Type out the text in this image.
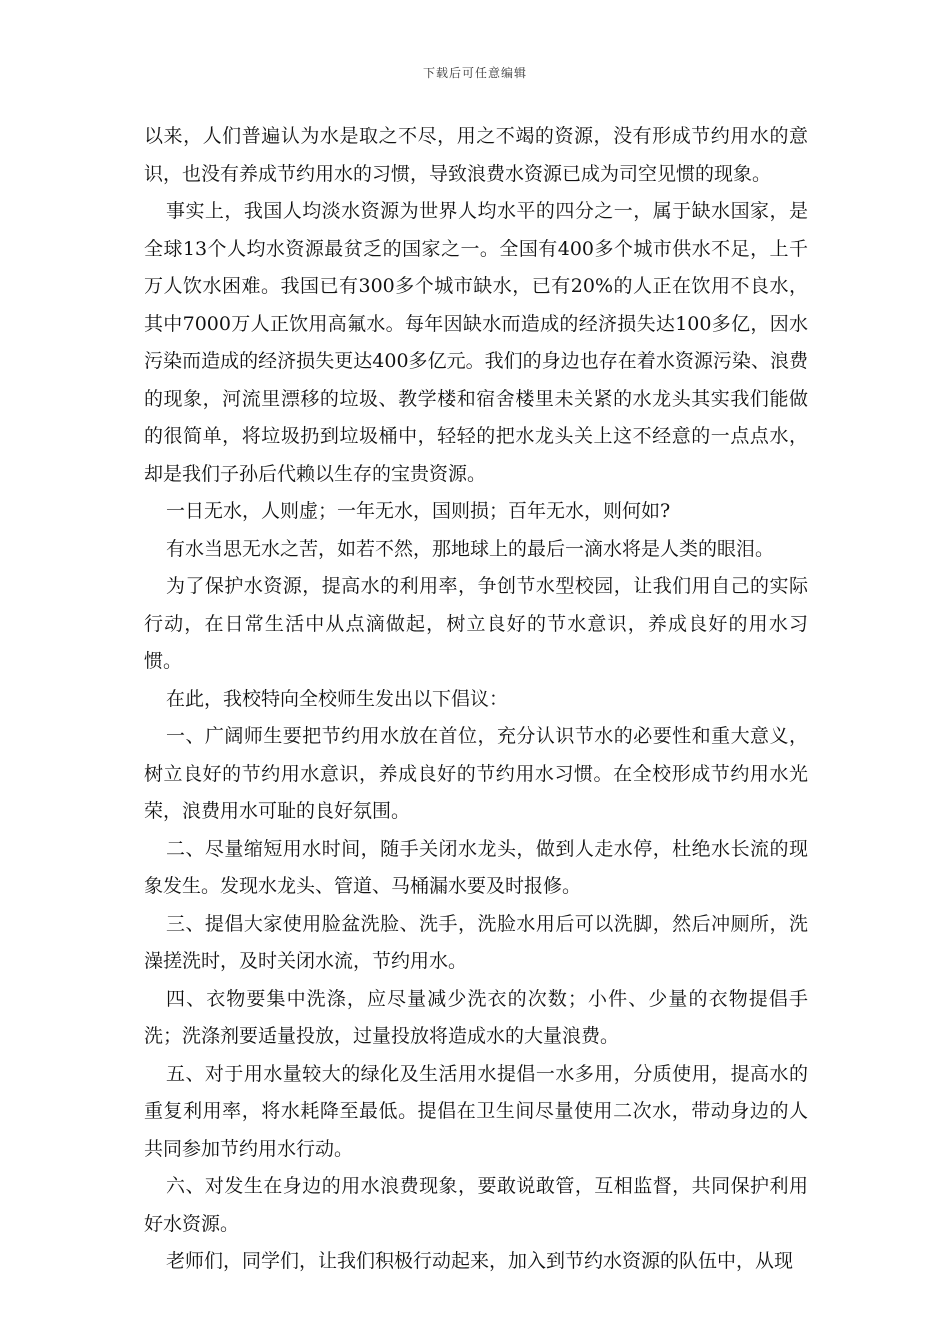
下载后可任意编辑

以来，人们普遍认为水是取之不尽，用之不竭的资源，没有形成节约用水的意识，也没有养成节约用水的习惯，导致浪费水资源已成为司空见惯的现象。

事实上，我国人均淡水资源为世界人均水平的四分之一，属于缺水国家，是全球13个人均水资源最贫乏的国家之一。全国有400多个城市供水不足，上千万人饮水困难。我国已有300多个城市缺水，已有20%的人正在饮用不良水，其中7000万人正饮用高氟水。每年因缺水而造成的经济损失达100多亿，因水污染而造成的经济损失更达400多亿元。我们的身边也存在着水资源污染、浪费的现象，河流里漂移的垃圾、教学楼和宿舍楼里未关紧的水龙头其实我们能做的很简单，将垃圾扔到垃圾桶中，轻轻的把水龙头关上这不经意的一点点水，却是我们子孙后代赖以生存的宝贵资源。

一日无水，人则虚；一年无水，国则损；百年无水，则何如?

有水当思无水之苦，如若不然，那地球上的最后一滴水将是人类的眼泪。

为了保护水资源，提高水的利用率，争创节水型校园，让我们用自己的实际行动，在日常生活中从点滴做起，树立良好的节水意识，养成良好的用水习惯。

在此，我校特向全校师生发出以下倡议：

一、广阔师生要把节约用水放在首位，充分认识节水的必要性和重大意义，树立良好的节约用水意识，养成良好的节约用水习惯。在全校形成节约用水光荣，浪费用水可耻的良好氛围。

二、尽量缩短用水时间，随手关闭水龙头，做到人走水停，杜绝水长流的现象发生。发现水龙头、管道、马桶漏水要及时报修。

三、提倡大家使用脸盆洗脸、洗手，洗脸水用后可以洗脚，然后冲厕所，洗澡搓洗时，及时关闭水流，节约用水。

四、衣物要集中洗涤，应尽量减少洗衣的次数；小件、少量的衣物提倡手洗；洗涤剂要适量投放，过量投放将造成水的大量浪费。

五、对于用水量较大的绿化及生活用水提倡一水多用，分质使用，提高水的重复利用率，将水耗降至最低。提倡在卫生间尽量使用二次水，带动身边的人共同参加节约用水行动。

六、对发生在身边的用水浪费现象，要敢说敢管，互相监督，共同保护利用好水资源。

老师们，同学们，让我们积极行动起来，加入到节约水资源的队伍中，从现
